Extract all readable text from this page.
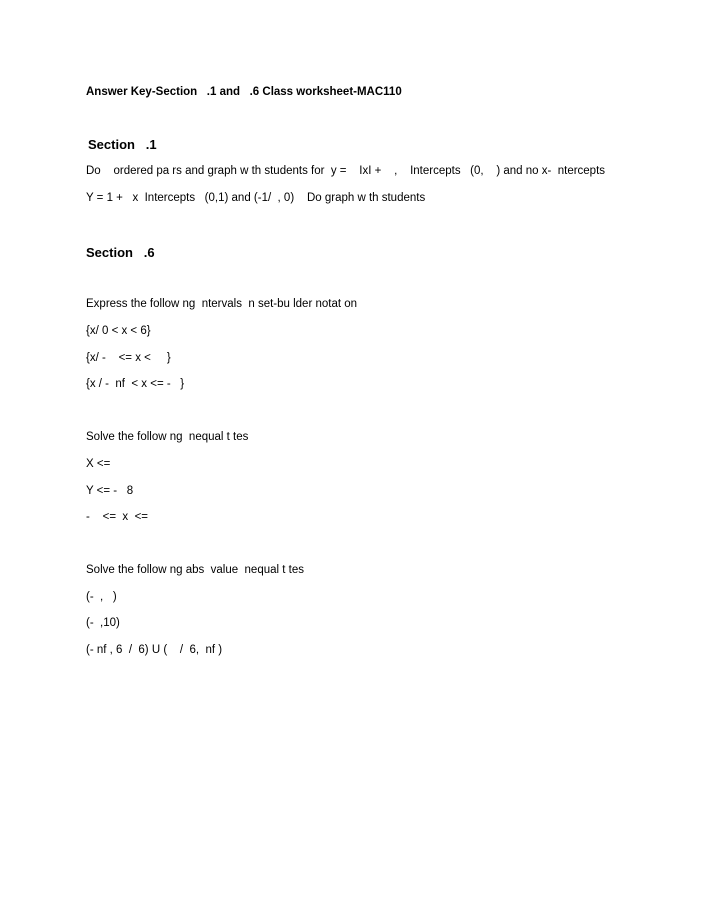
Answer Key-Section   .1 and   .6 Class worksheet-MAC110
Section   .1
Do    ordered pa rs and graph w th students for  y =    IxI +    ,    Intercepts   (0,    ) and no x-  ntercepts
Y = 1 +   x  Intercepts   (0,1) and (-1/  , 0)    Do graph w th students
Section   .6
Express the follow ng  ntervals  n set-bu lder notat on
{x/ 0 < x < 6}
{x/ -    <= x <     }
{x / -  nf  < x <= -   }
Solve the follow ng  nequal t tes
X <=
Y <= -   8
-    <=  x  <=
Solve the follow ng abs  value  nequal t tes
(-  ,   )
(-  ,10)
(- nf , 6  /  6) U (    /  6,  nf )
